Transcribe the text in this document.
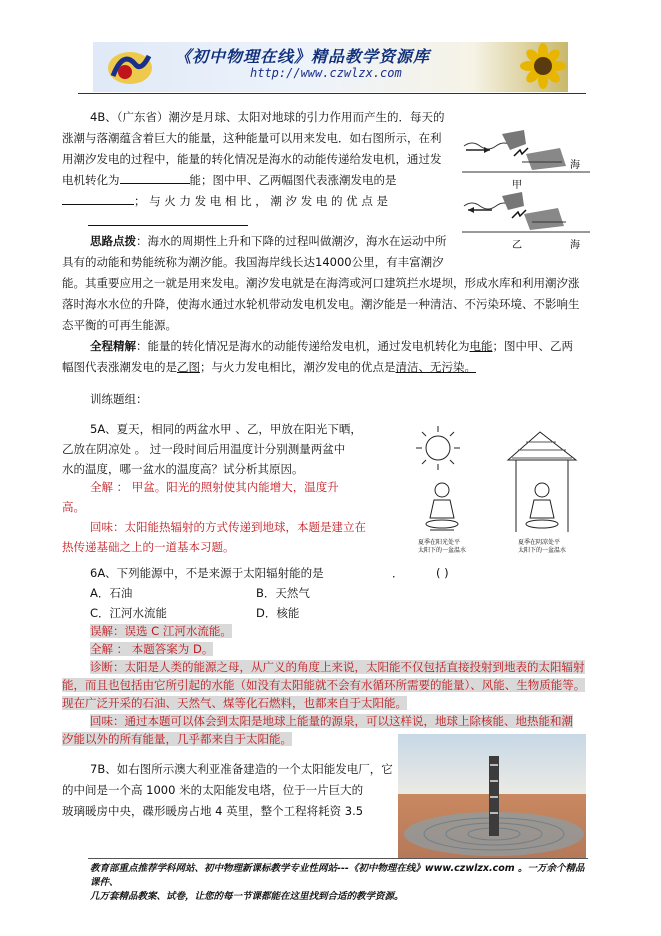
《初中物理在线》精品教学资源库
http://www.czwlzx.com
4B、（广东省）潮汐是月球、太阳对地球的引力作用而产生的．每天的
涨潮与落潮蕴含着巨大的能量，这种能量可以用来发电．如右图所示，在利
用潮汐发电的过程中，能量的转化情况是海水的动能传递给发电机，通过发
电机转化为	能；图中甲、乙两幅图代表涨潮发电的是
； 与 火 力 发 电 相 比 ， 潮 汐 发 电 的 优 点 是
甲
海
乙	海
思路点拨：海水的周期性上升和下降的过程叫做潮汐，海水在运动中所
具有的动能和势能统称为潮汐能。我国海岸线长达14000公里，有丰富潮汐
能。其重要应用之一就是用来发电。潮汐发电就是在海湾或河口建筑拦水堤坝，形成水库和利用潮汐涨
落时海水水位的升降，使海水通过水轮机带动发电机发电。潮汐能是一种清洁、不污染环境、不影响生
态平衡的可再生能源。
全程精解：能量的转化情况是海水的动能传递给发电机，通过发电机转化为电能；图中甲、乙两
幅图代表涨潮发电的是乙图；与火力发电相比，潮汐发电的优点是清洁、无污染。
训练题组：
5A、夏天，相同的两盆水甲 、乙，甲放在阳光下晒，
乙放在阴凉处 。 过一段时间后用温度计分别测量两盆中
水的温度，哪一盆水的温度高？试分析其原因。
全解 ： 甲盆。阳光的照射使其内能增大，温度升
高。
回味：太阳能热辐射的方式传递到地球，本题是建立在
热传递基础之上的一道基本习题。	夏季在阳光处平
太阳下的一盆温水
夏季在阴凉处平
太阳下的一盆温水
6A、下列能源中，不是来源于太阳辐射能的是	．	( )
A．石油	B．天然气
C．江河水流能	D．核能
误解：误选 C 江河水流能。
全解 ： 本题答案为 D。
诊断：太阳是人类的能源之母，从广义的角度上来说，太阳能不仅包括直接投射到地表的太阳辐射
能，而且也包括由它所引起的水能（如没有太阳能就不会有水循环所需要的能量）、风能、生物质能等。
现在广泛开采的石油、天然气、煤等化石燃料，也都来自于太阳能。
回味：通过本题可以体会到太阳是地球上能量的源泉，可以这样说，地球上除核能、地热能和潮
汐能以外的所有能量，几乎都来自于太阳能。
7B、如右图所示澳大利亚准备建造的一个太阳能发电厂，它
的中间是一个高 1000 米的太阳能发电塔，位于一片巨大的
玻璃暖房中央，碟形暖房占地 4 英里，整个工程将耗资 3.5
教育部重点推荐学科网站、初中物理新课标教学专业性网站---《初中物理在线》www.czwlzx.com 。一万余个精品课件、
几万套精品教案、试卷，让您的每一节课都能在这里找到合适的教学资源。
